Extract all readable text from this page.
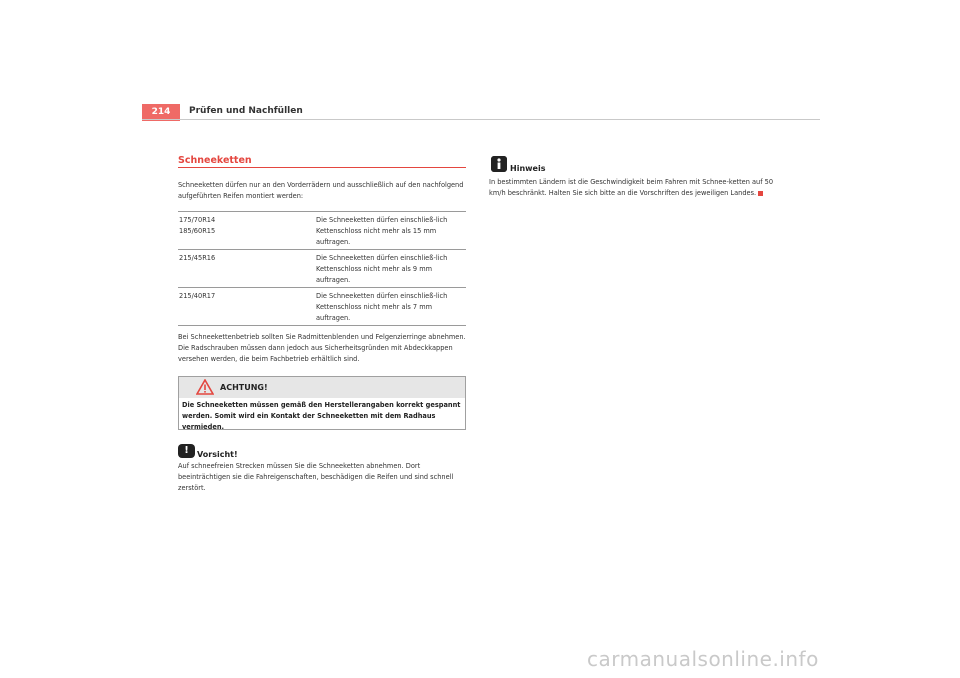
214	Prüfen und Nachfüllen
Schneeketten
Schneeketten dürfen nur an den Vorderrädern und ausschließlich auf den nachfolgend aufgeführten Reifen montiert werden:
175/70R14
185/60R15	Die Schneeketten dürfen einschließ-lich Kettenschloss nicht mehr als 15 mm auftragen.

215/45R16	Die Schneeketten dürfen einschließ-lich Kettenschloss nicht mehr als 9 mm auftragen.

215/40R17	Die Schneeketten dürfen einschließ-lich Kettenschloss nicht mehr als 7 mm auftragen.
Bei Schneekettenbetrieb sollten Sie Radmittenblenden und Felgenzierringe abnehmen. Die Radschrauben müssen dann jedoch aus Sicherheitsgründen mit Abdeckkappen versehen werden, die beim Fachbetrieb erhältlich sind.
ACHTUNG!
Die Schneeketten müssen gemäß den Herstellerangaben korrekt gespannt werden. Somit wird ein Kontakt der Schneeketten mit dem Radhaus vermieden.
!	Vorsicht!
Auf schneefreien Strecken müssen Sie die Schneeketten abnehmen. Dort beeinträchtigen sie die Fahreigenschaften, beschädigen die Reifen und sind schnell zerstört.
Hinweis
In bestimmten Ländern ist die Geschwindigkeit beim Fahren mit Schnee-ketten auf 50 km/h beschränkt. Halten Sie sich bitte an die Vorschriften des jeweiligen Landes.
carmanualsonline.info
